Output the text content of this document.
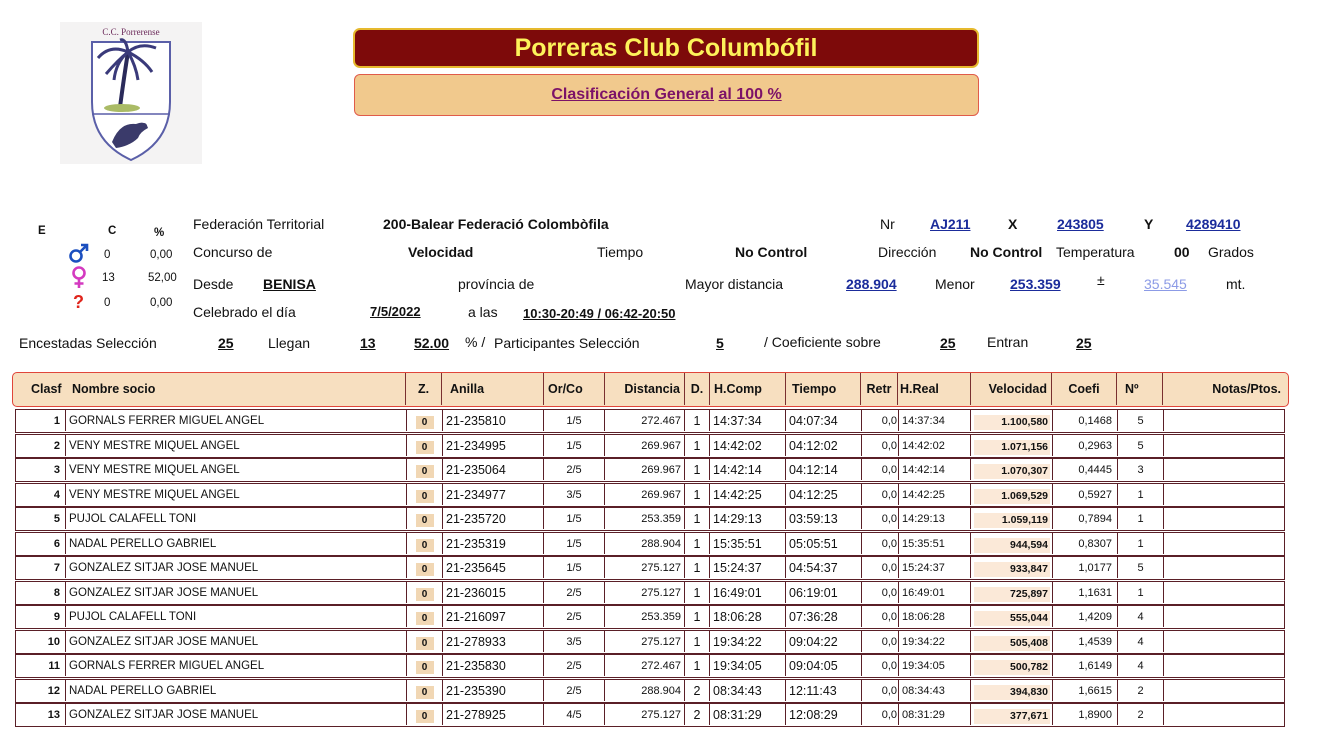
C.C. Porrerense
Porreras Club Columbófil
Clasificación General
al 100 %
E	C	%
0	0,00
13	52,00
? 0	0,00
Federación Territorial	200-Balear Federació Colombòfila	Nr	AJ211	X	243805	Y 4289410
Concurso de	Velocidad	Tiempo	No Control	Dirección No Control Temperatura	00 Grados
Desde BENISA	província de	Mayor distancia	288.904	Menor	253.359	±	35.545	mt.
Celebrado el día	7/5/2022	a las 10:30-20:49 / 06:42-20:50
Encestadas Selección	25 Llegan	13	52.00 % / Participantes Selección	5	/ Coeficiente sobre	25 Entran	25
Clasf Nombre socio	Z.	Anilla	Or/Co	Distancia D. H.Comp	Tiempo	Retr H.Real	Velocidad	Coefi	Nº	Notas/Ptos.
1 GORNALS FERRER MIGUEL ANGEL	0	21-235810	1/5	272.467	1	14:37:34	04:07:34	0,0 14:37:34	1.100,580	0,1468	5
2 VENY MESTRE MIQUEL ANGEL	0	21-234995	1/5	269.967	1	14:42:02	04:12:02	0,0 14:42:02	1.071,156	0,2963	5
3 VENY MESTRE MIQUEL ANGEL	0	21-235064	2/5	269.967	1	14:42:14	04:12:14	0,0 14:42:14	1.070,307	0,4445	3
4 VENY MESTRE MIQUEL ANGEL	0	21-234977	3/5	269.967	1	14:42:25	04:12:25	0,0 14:42:25	1.069,529	0,5927	1
5 PUJOL CALAFELL TONI	0	21-235720	1/5	253.359	1	14:29:13	03:59:13	0,0 14:29:13	1.059,119	0,7894	1
6 NADAL PERELLO GABRIEL	0	21-235319	1/5	288.904	1	15:35:51	05:05:51	0,0 15:35:51	944,594	0,8307	1
7 GONZALEZ SITJAR JOSE MANUEL	0	21-235645	1/5	275.127	1	15:24:37	04:54:37	0,0 15:24:37	933,847	1,0177	5
8 GONZALEZ SITJAR JOSE MANUEL	0	21-236015	2/5	275.127	1	16:49:01	06:19:01	0,0 16:49:01	725,897	1,1631	1
9 PUJOL CALAFELL TONI	0	21-216097	2/5	253.359	1	18:06:28	07:36:28	0,0 18:06:28	555,044	1,4209	4
10 GONZALEZ SITJAR JOSE MANUEL	0	21-278933	3/5	275.127	1	19:34:22	09:04:22	0,0 19:34:22	505,408	1,4539	4
11 GORNALS FERRER MIGUEL ANGEL	0	21-235830	2/5	272.467	1	19:34:05	09:04:05	0,0 19:34:05	500,782	1,6149	4
12 NADAL PERELLO GABRIEL	0	21-235390	2/5	288.904	2	08:34:43	12:11:43	0,0 08:34:43	394,830	1,6615	2
13 GONZALEZ SITJAR JOSE MANUEL	0	21-278925	4/5	275.127	2	08:31:29	12:08:29	0,0 08:31:29	377,671	1,8900	2
